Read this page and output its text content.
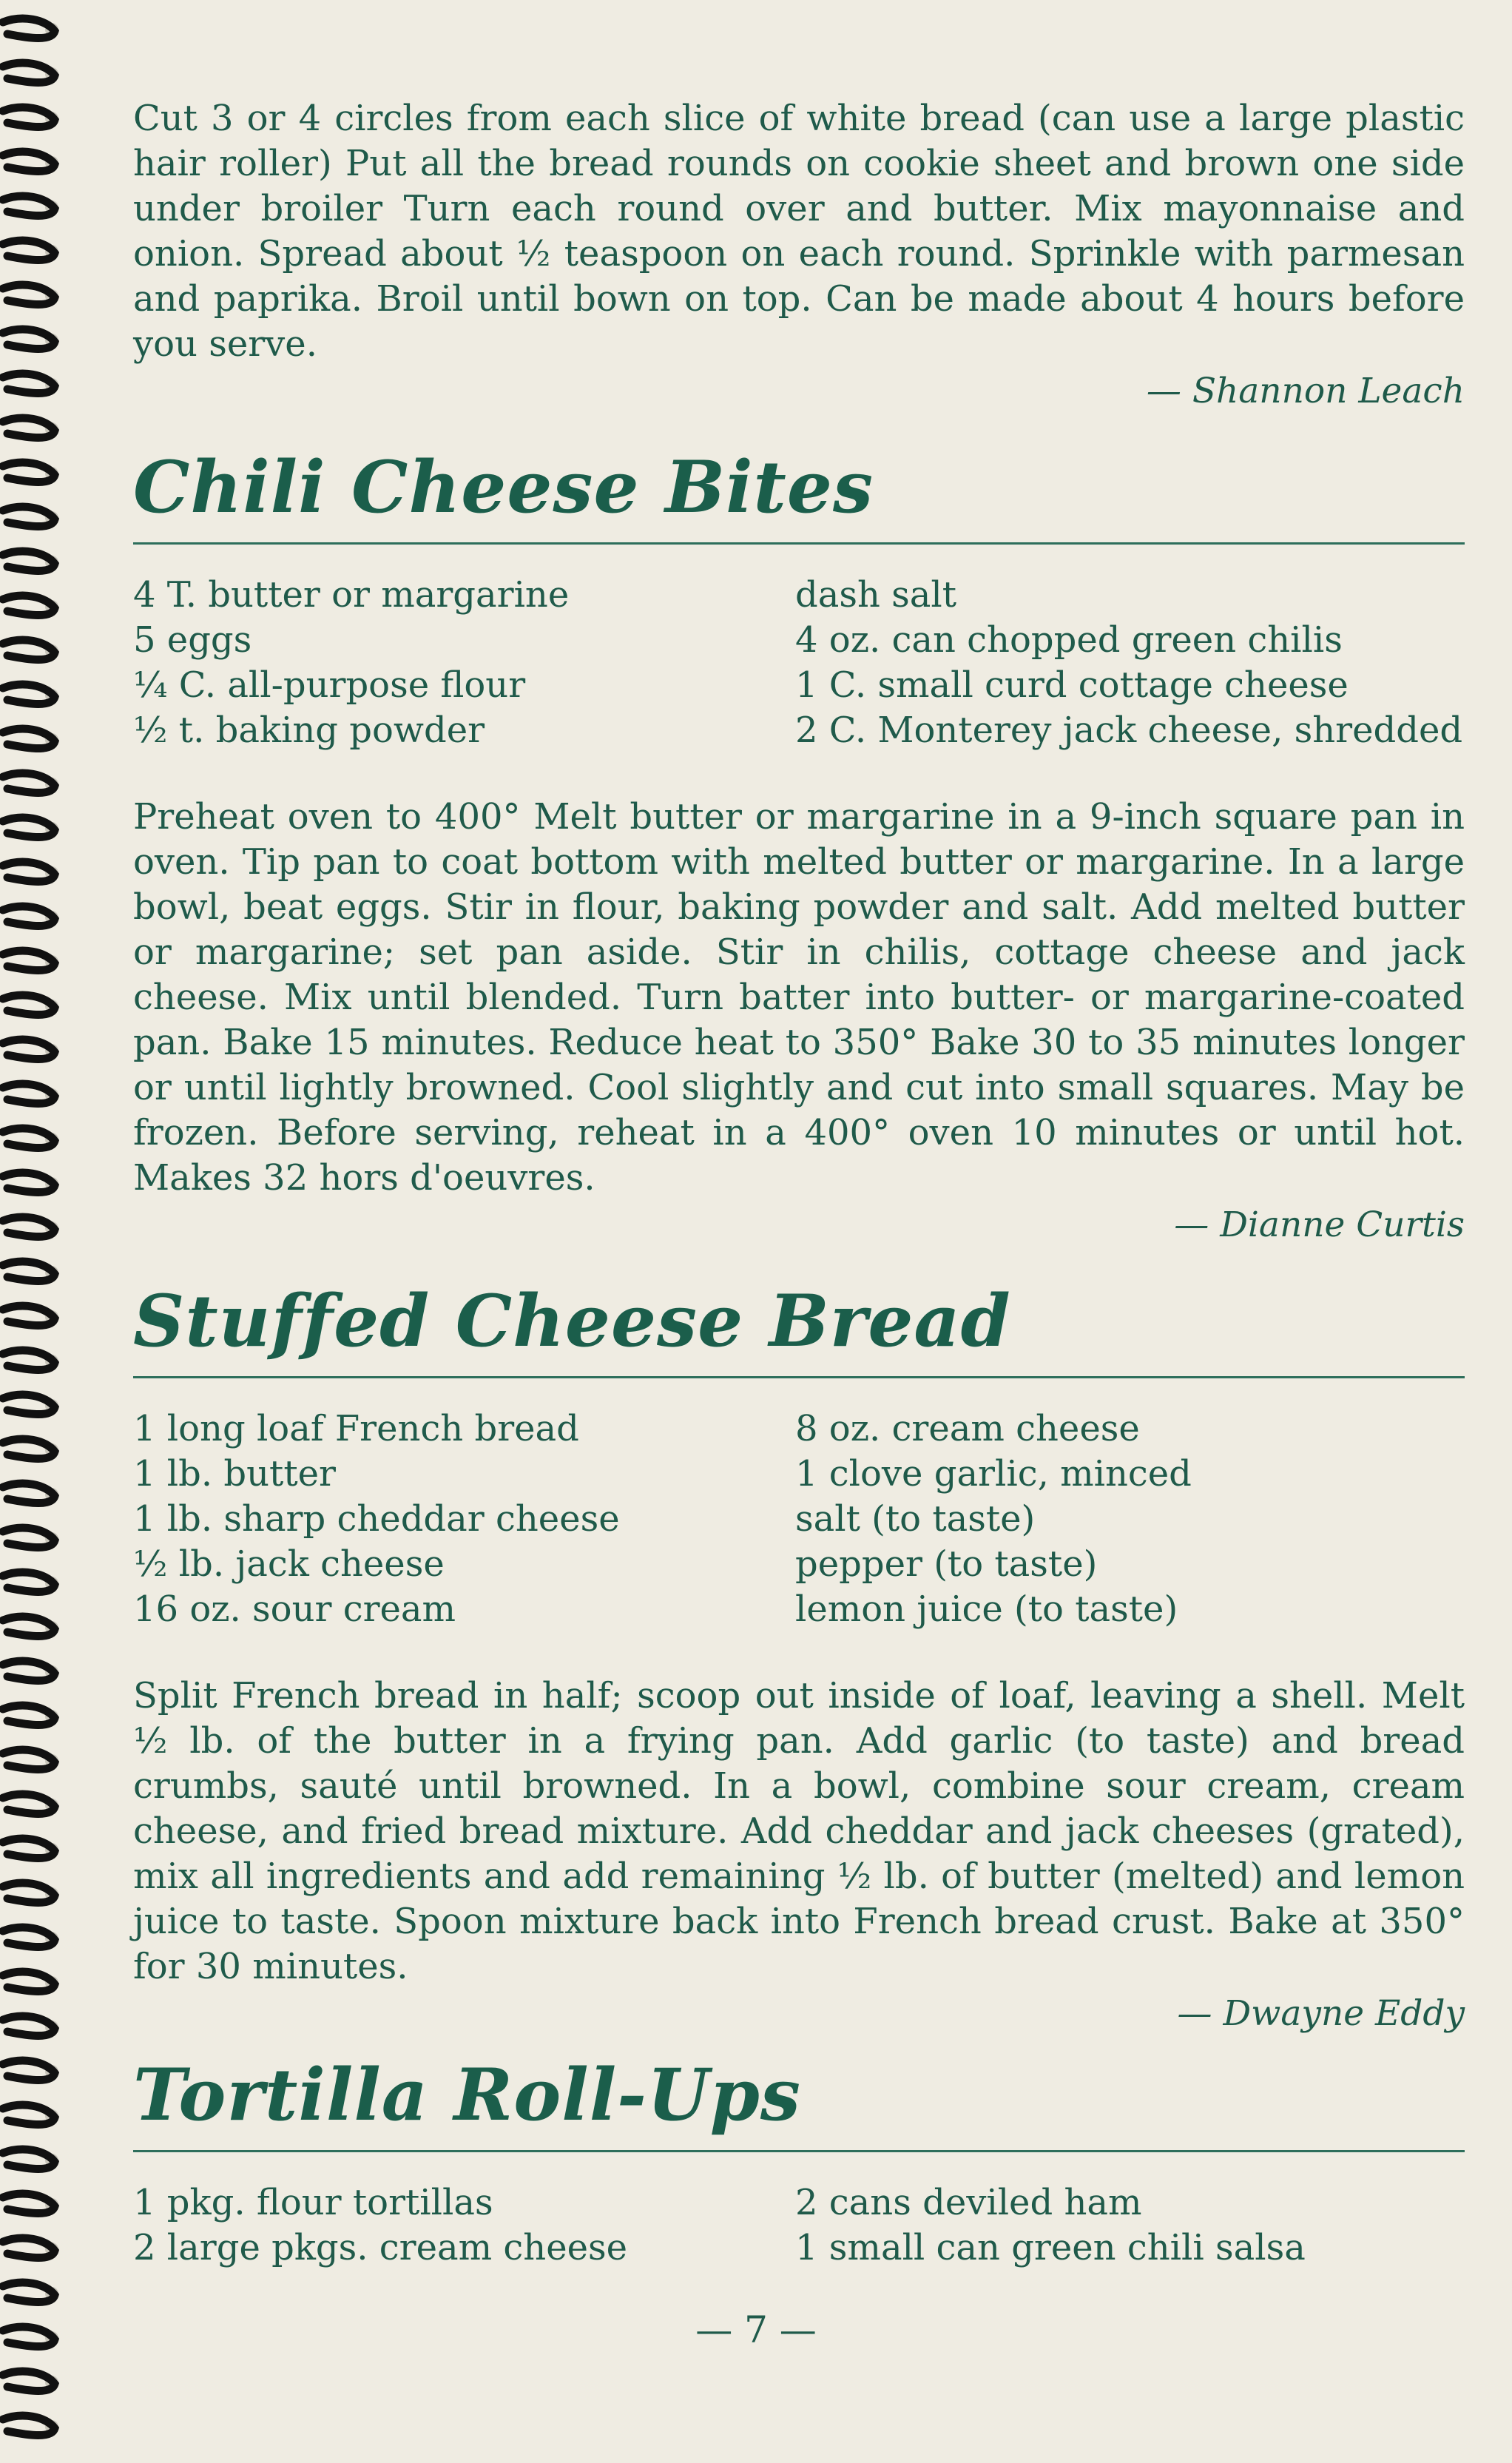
Cut 3 or 4 circles from each slice of white bread (can use a large plastic hair roller) Put all the bread rounds on cookie sheet and brown one side under broiler Turn each round over and butter. Mix mayonnaise and onion. Spread about ½ teaspoon on each round. Sprinkle with parmesan and paprika. Broil until bown on top. Can be made about 4 hours before you serve.

— Shannon Leach
Chili Cheese Bites
4 T. butter or margarine
5 eggs
¼ C. all-purpose flour
½ t. baking powder
dash salt
4 oz. can chopped green chilis
1 C. small curd cottage cheese
2 C. Monterey jack cheese, shredded

Preheat oven to 400° Melt butter or margarine in a 9-inch square pan in oven. Tip pan to coat bottom with melted butter or margarine. In a large bowl, beat eggs. Stir in flour, baking powder and salt. Add melted butter or margarine; set pan aside. Stir in chilis, cottage cheese and jack cheese. Mix until blended. Turn batter into butter- or margarine-coated pan. Bake 15 minutes. Reduce heat to 350° Bake 30 to 35 minutes longer or until lightly browned. Cool slightly and cut into small squares. May be frozen. Before serving, reheat in a 400° oven 10 minutes or until hot. Makes 32 hors d'oeuvres.

— Dianne Curtis
Stuffed Cheese Bread
1 long loaf French bread
1 lb. butter
1 lb. sharp cheddar cheese
½ lb. jack cheese
16 oz. sour cream
8 oz. cream cheese
1 clove garlic, minced
salt (to taste)
pepper (to taste)
lemon juice (to taste)

Split French bread in half; scoop out inside of loaf, leaving a shell. Melt ½ lb. of the butter in a frying pan. Add garlic (to taste) and bread crumbs, sauté until browned. In a bowl, combine sour cream, cream cheese, and fried bread mixture. Add cheddar and jack cheeses (grated), mix all ingredients and add remaining ½ lb. of butter (melted) and lemon juice to taste. Spoon mixture back into French bread crust. Bake at 350° for 30 minutes.

— Dwayne Eddy
Tortilla Roll-Ups
1 pkg. flour tortillas
2 large pkgs. cream cheese
2 cans deviled ham
1 small can green chili salsa
— 7 —
